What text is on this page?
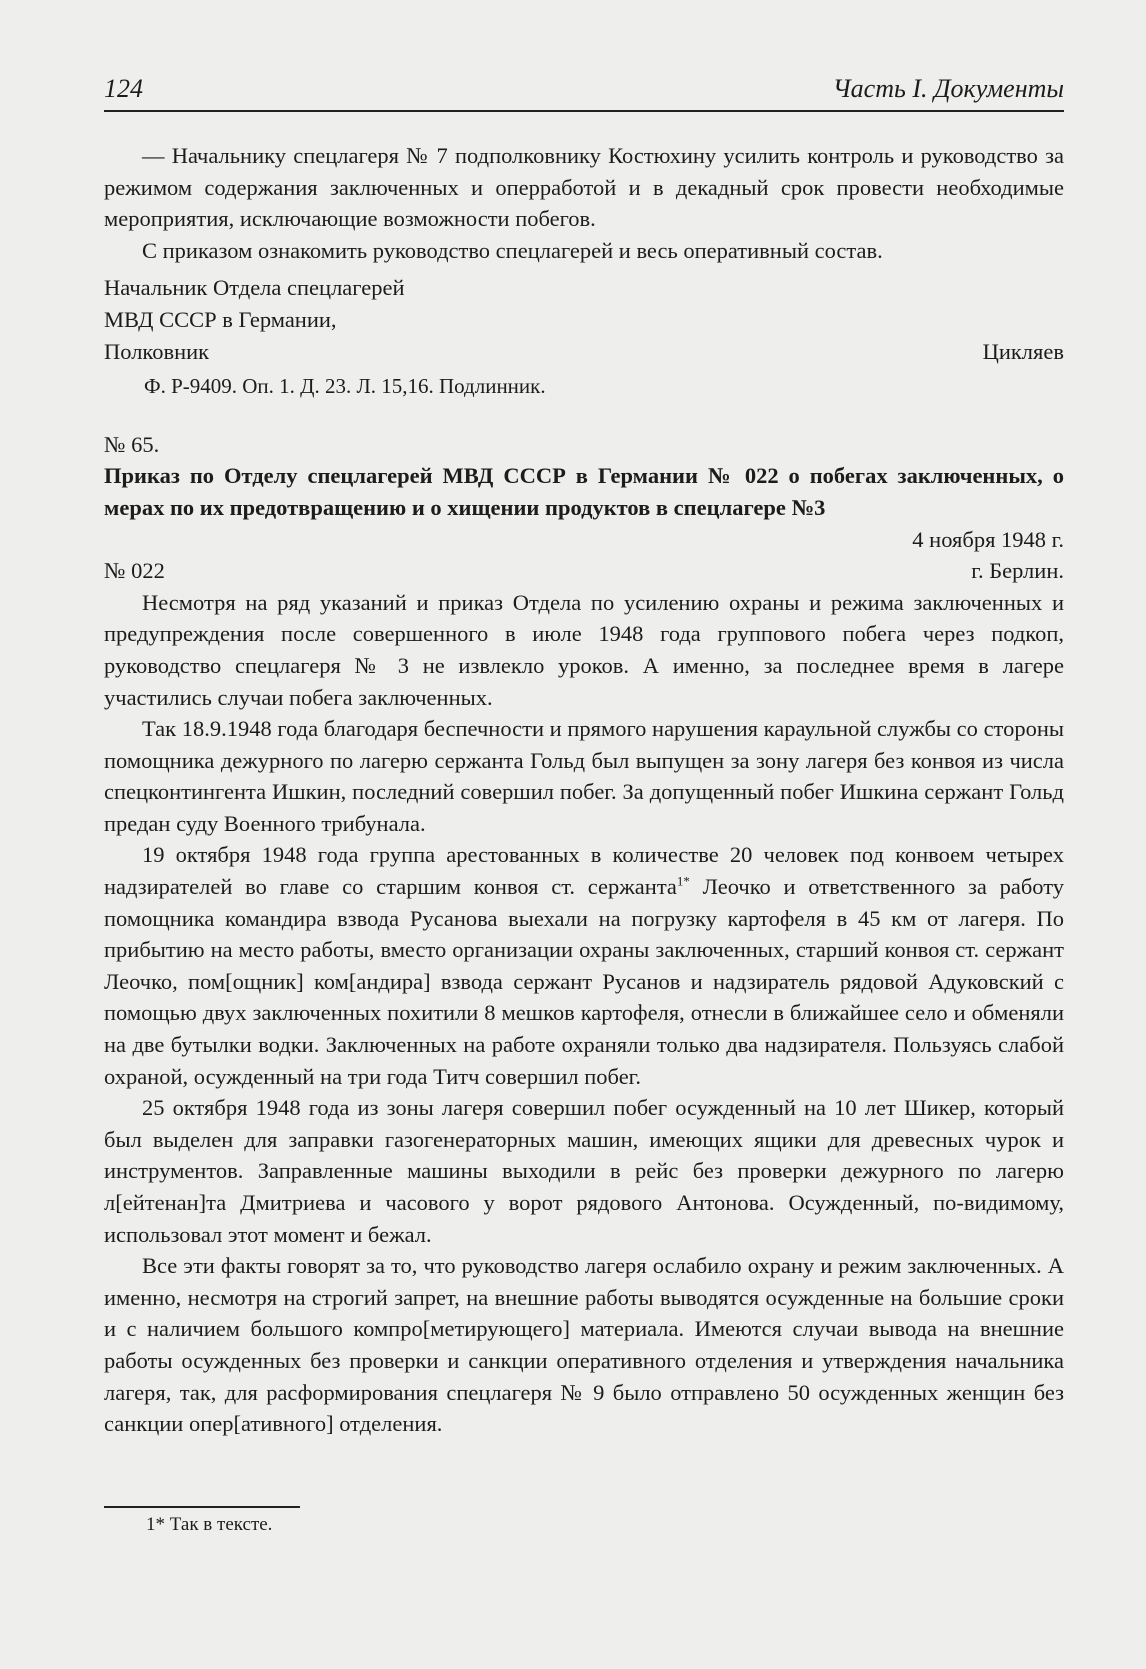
124	Часть I. Документы

— Начальнику спецлагеря № 7 подполковнику Костюхину усилить контроль и руководство за режимом содержания заключенных и оперработой и в декадный срок провести необходимые мероприятия, исключающие возможности побегов.

С приказом ознакомить руководство спецлагерей и весь оперативный состав.

Начальник Отдела спецлагерей
МВД СССР в Германии,
Полковник	Цикляев

Ф. Р-9409. Оп. 1. Д. 23. Л. 15,16. Подлинник.

№ 65.

Приказ по Отделу спецлагерей МВД СССР в Германии № 022 о побегах заключенных, о мерах по их предотвращению и о хищении продуктов в спецлагере №3

4 ноября 1948 г.
№ 022	г. Берлин.

Несмотря на ряд указаний и приказ Отдела по усилению охраны и режима заключенных и предупреждения после совершенного в июле 1948 года группового побега через подкоп, руководство спецлагеря № 3 не извлекло уроков. А именно, за последнее время в лагере участились случаи побега заключенных.

Так 18.9.1948 года благодаря беспечности и прямого нарушения караульной службы со стороны помощника дежурного по лагерю сержанта Гольд был выпущен за зону лагеря без конвоя из числа спецконтингента Ишкин, последний совершил побег. За допущенный побег Ишкина сержант Гольд предан суду Военного трибунала.

19 октября 1948 года группа арестованных в количестве 20 человек под конвоем четырех надзирателей во главе со старшим конвоя ст. сержанта$^{1*}$ Леочко и ответственного за работу помощника командира взвода Русанова выехали на погрузку картофеля в 45 км от лагеря. По прибытию на место работы, вместо организации охраны заключенных, старший конвоя ст. сержант Леочко, пом[ощник] ком[андира] взвода сержант Русанов и надзиратель рядовой Адуковский с помощью двух заключенных похитили 8 мешков картофеля, отнесли в ближайшее село и обменяли на две бутылки водки. Заключенных на работе охраняли только два надзирателя. Пользуясь слабой охраной, осужденный на три года Титч совершил побег.

25 октября 1948 года из зоны лагеря совершил побег осужденный на 10 лет Шикер, который был выделен для заправки газогенераторных машин, имеющих ящики для древесных чурок и инструментов. Заправленные машины выходили в рейс без проверки дежурного по лагерю л[ейтенан]та Дмитриева и часового у ворот рядового Антонова. Осужденный, по-видимому, использовал этот момент и бежал.

Все эти факты говорят за то, что руководство лагеря ослабило охрану и режим заключенных. А именно, несмотря на строгий запрет, на внешние работы выводятся осужденные на большие сроки и с наличием большого компро[метирующего] материала. Имеются случаи вывода на внешние работы осужденных без проверки и санкции оперативного отделения и утверждения начальника лагеря, так, для расформирования спецлагеря № 9 было отправлено 50 осужденных женщин без санкции опер[ативного] отделения.

1* Так в тексте.
